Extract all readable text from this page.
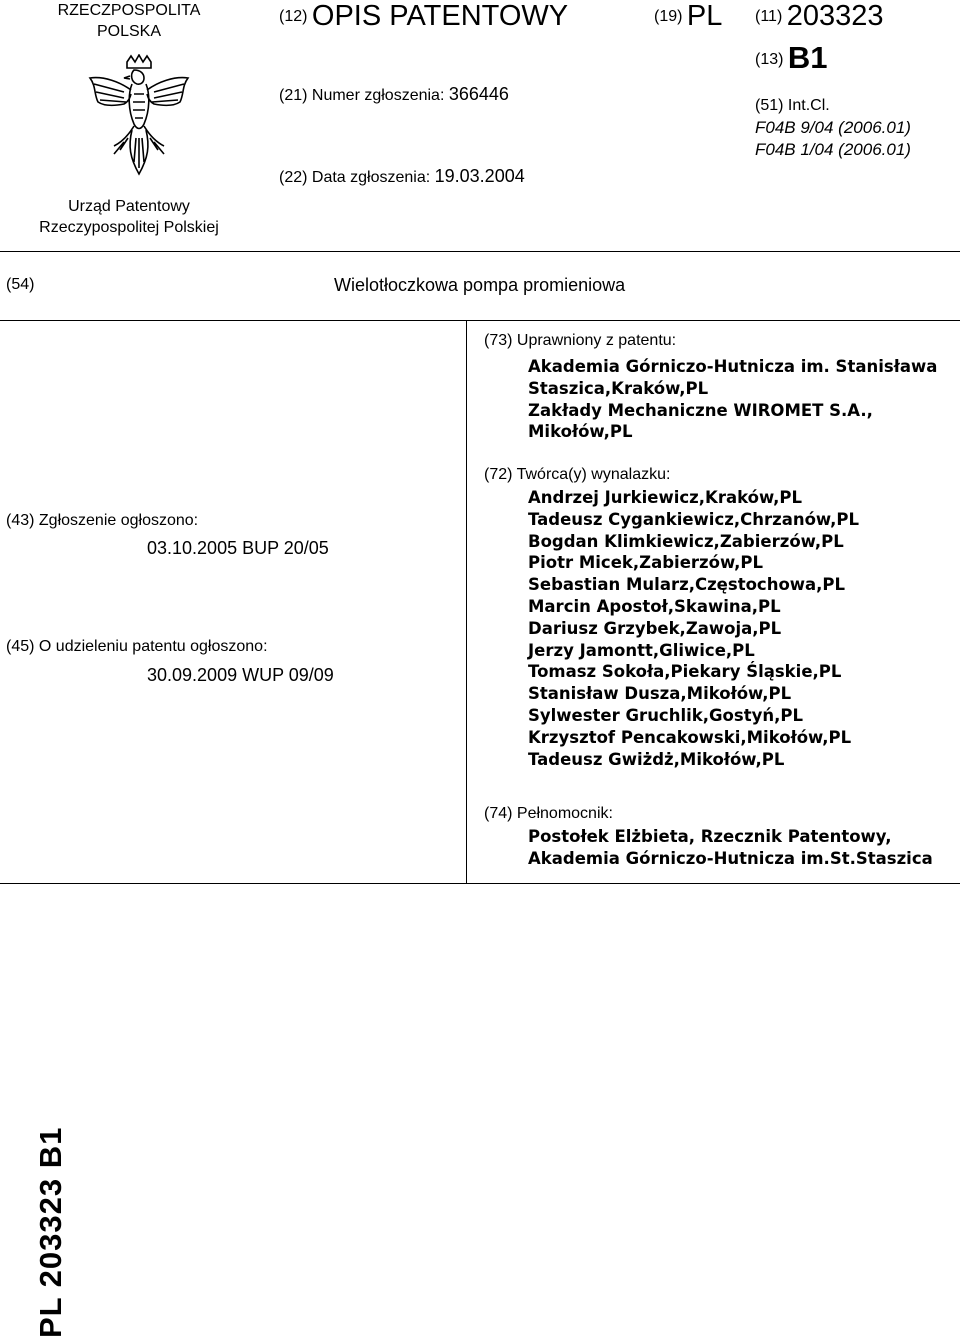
RZECZPOSPOLITA
POLSKA
Urząd Patentowy
Rzeczypospolitej Polskiej
(12) OPIS PATENTOWY
(21) Numer zgłoszenia: 366446
(22) Data zgłoszenia: 19.03.2004
(19) PL (11) 203323
(13) B1
(51) Int.Cl.
F04B 9/04 (2006.01)
F04B 1/04 (2006.01)
(54)	Wielotłoczkowa pompa promieniowa
(43) Zgłoszenie ogłoszono:
03.10.2005 BUP 20/05
(45) O udzieleniu patentu ogłoszono:
30.09.2009 WUP 09/09
(73) Uprawniony z patentu:
Akademia Górniczo-Hutnicza im. Stanisława
Staszica,Kraków,PL
Zakłady Mechaniczne WIROMET S.A.,
Mikołów,PL
(72) Twórca(y) wynalazku:
Andrzej Jurkiewicz,Kraków,PL
Tadeusz Cygankiewicz,Chrzanów,PL
Bogdan Klimkiewicz,Zabierzów,PL
Piotr Micek,Zabierzów,PL
Sebastian Mularz,Częstochowa,PL
Marcin Apostoł,Skawina,PL
Dariusz Grzybek,Zawoja,PL
Jerzy Jamontt,Gliwice,PL
Tomasz Sokoła,Piekary Śląskie,PL
Stanisław Dusza,Mikołów,PL
Sylwester Gruchlik,Gostyń,PL
Krzysztof Pencakowski,Mikołów,PL
Tadeusz Gwiżdż,Mikołów,PL
(74) Pełnomocnik:
Postołek Elżbieta, Rzecznik Patentowy,
Akademia Górniczo-Hutnicza im.St.Staszica
PL 203323 B1
